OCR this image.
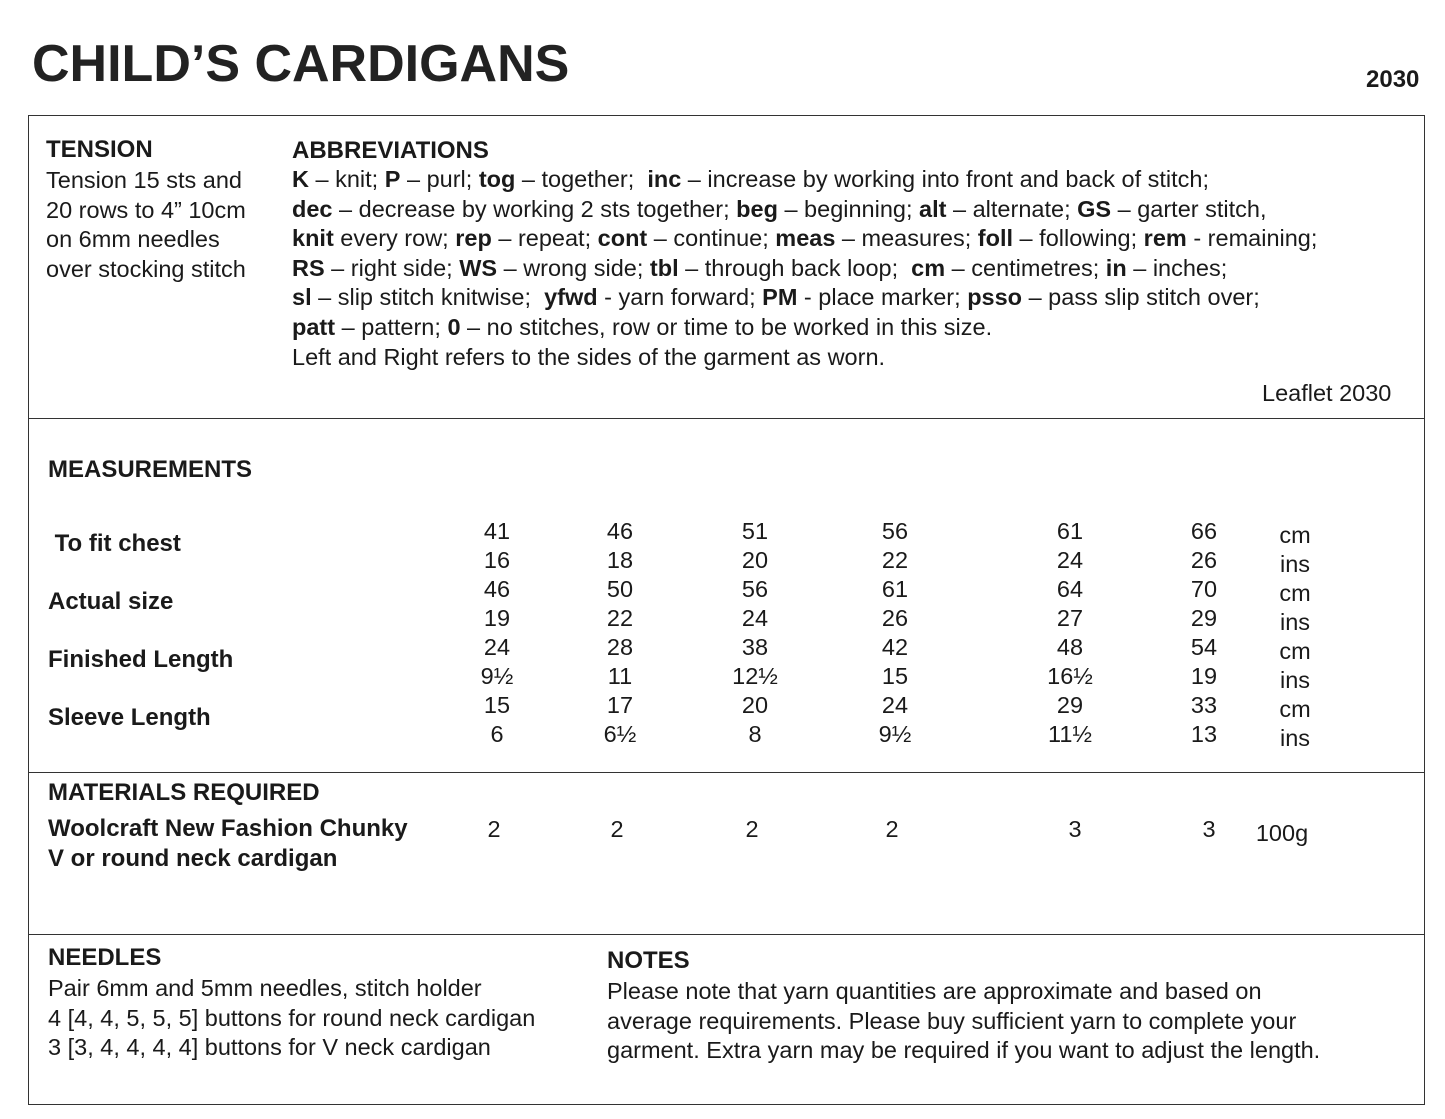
CHILD’S CARDIGANS	2030
TENSION
Tension 15 sts and
20 rows to 4” 10cm
on 6mm needles
over stocking stitch
ABBREVIATIONS
K – knit; P – purl; tog – together;  inc – increase by working into front and back of stitch;
dec – decrease by working 2 sts together; beg – beginning; alt – alternate; GS – garter stitch,
knit every row; rep – repeat; cont – continue; meas – measures; foll – following; rem - remaining;
RS – right side; WS – wrong side; tbl – through back loop;  cm – centimetres; in – inches;
sl – slip stitch knitwise;  yfwd - yarn forward; PM - place marker; psso – pass slip stitch over;
patt – pattern; 0 – no stitches, row or time to be worked in this size.
Left and Right refers to the sides of the garment as worn.
Leaflet 2030
MEASUREMENTS
To fit chest	41	46	51	56	61	66	cm
16	18	20	22	24	26	ins
Actual size	46	50	56	61	64	70	cm
19	22	24	26	27	29	ins
Finished Length	24	28	38	42	48	54	cm
9½	11	12½	15	16½	19	ins
Sleeve Length	15	17	20	24	29	33	cm
6	6½	8	9½	11½	13	ins
MATERIALS REQUIRED
Woolcraft New Fashion Chunky
V or round neck cardigan
2	2	2	2	3	3	100g
NEEDLES
Pair 6mm and 5mm needles, stitch holder
4 [4, 4, 5, 5, 5] buttons for round neck cardigan
3 [3, 4, 4, 4, 4] buttons for V neck cardigan
NOTES
Please note that yarn quantities are approximate and based on
average requirements. Please buy sufficient yarn to complete your
garment. Extra yarn may be required if you want to adjust the length.
